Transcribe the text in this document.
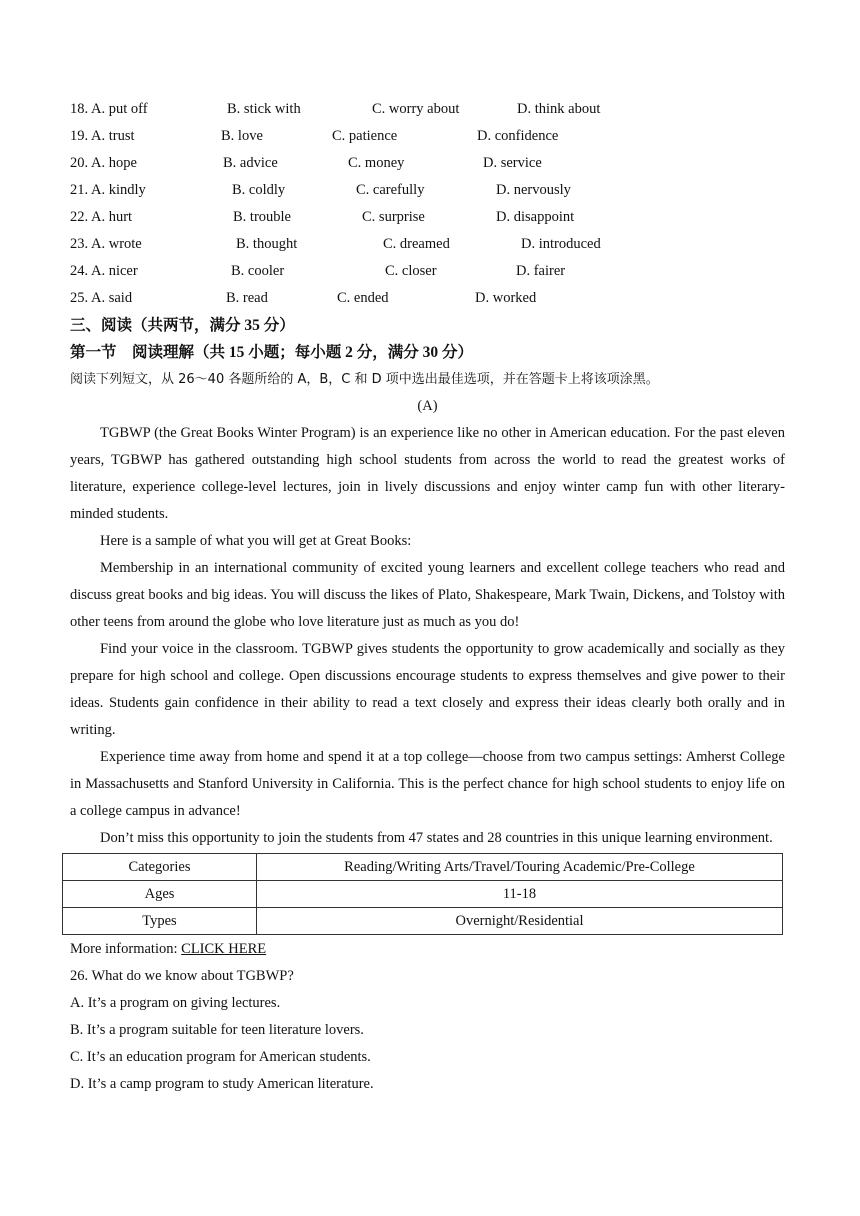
18. A. put off	B. stick with	C. worry about	D. think about
19. A. trust	B. love	C. patience	D. confidence
20. A. hope	B. advice	C. money	D. service
21. A. kindly	B. coldly	C. carefully	D. nervously
22. A. hurt	B. trouble	C. surprise	D. disappoint
23. A. wrote	B. thought	C. dreamed	D. introduced
24. A. nicer	B. cooler	C. closer	D. fairer
25. A. said	B. read	C. ended	D. worked
三、阅读（共两节，满分 35 分）
第一节　阅读理解（共 15 小题；每小题 2 分，满分 30 分）
阅读下列短文，从 26～40 各题所给的 A，B，C 和 D 项中选出最佳选项，并在答题卡上将该项涂黑。
(A)

TGBWP (the Great Books Winter Program) is an experience like no other in American education. For the past eleven years, TGBWP has gathered outstanding high school students from across the world to read the greatest works of literature, experience college-level lectures, join in lively discussions and enjoy winter camp fun with other literary-minded students.

Here is a sample of what you will get at Great Books:

Membership in an international community of excited young learners and excellent college teachers who read and discuss great books and big ideas. You will discuss the likes of Plato, Shakespeare, Mark Twain, Dickens, and Tolstoy with other teens from around the globe who love literature just as much as you do!

Find your voice in the classroom. TGBWP gives students the opportunity to grow academically and socially as they prepare for high school and college. Open discussions encourage students to express themselves and give power to their ideas. Students gain confidence in their ability to read a text closely and express their ideas clearly both orally and in writing.

Experience time away from home and spend it at a top college—choose from two campus settings: Amherst College in Massachusetts and Stanford University in California. This is the perfect chance for high school students to enjoy life on a college campus in advance!

Don’t miss this opportunity to join the students from 47 states and 28 countries in this unique learning environment.

Categories	Reading/Writing Arts/Travel/Touring Academic/Pre-College
Ages	11-18
Types	Overnight/Residential

More information: CLICK HERE

26. What do we know about TGBWP?

A. It’s a program on giving lectures.

B. It’s a program suitable for teen literature lovers.

C. It’s an education program for American students.

D. It’s a camp program to study American literature.
